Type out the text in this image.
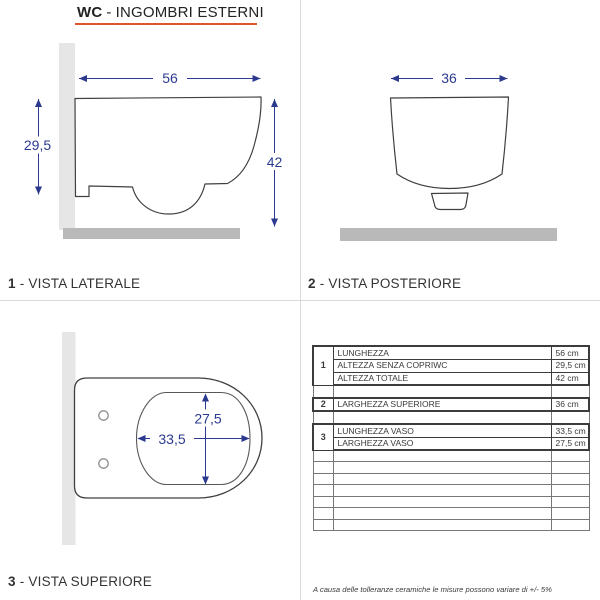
WC - INGOMBRI ESTERNI
56
29,5
42
36
27,5
33,5
1 - VISTA LATERALE	2 - VISTA POSTERIORE
3 - VISTA SUPERIORE
1	LUNGHEZZA	56 cm
	ALTEZZA SENZA COPRIWC	29,5 cm
	ALTEZZA TOTALE	42 cm

2	LARGHEZZA SUPERIORE	36 cm

3	LUNGHEZZA VASO	33,5 cm
	LARGHEZZA VASO	27,5 cm

A causa delle tolleranze ceramiche le misure possono variare di +/- 5%
